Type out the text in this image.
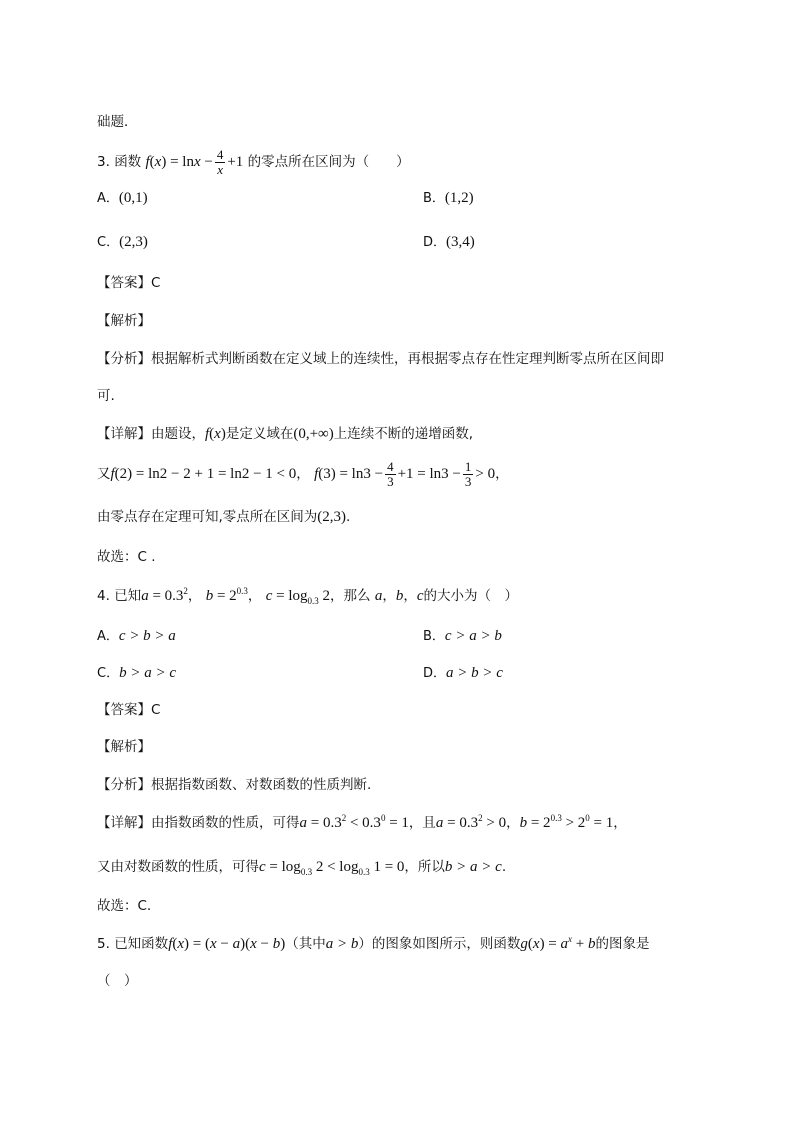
础题．
3. 函数 $f(x) = \ln x - \frac{4}{x} +1$ 的零点所在区间为（　　）
A．(0,1)	B．(1,2)
C．(2,3)	D．(3,4)
【答案】C
【解析】
【分析】根据解析式判断函数在定义域上的连续性，再根据零点存在性定理判断零点所在区间即
可.
【详解】由题设，f(x)是定义域在(0,+∞)上连续不断的递增函数,
又f(2) = ln2 − 2 + 1 = ln2 − 1 < 0， $f(3) = \ln 3 - \frac{4}{3} +1 = \ln 3 - \frac{1}{3} > 0$，
由零点存在定理可知,零点所在区间为(2,3).
故选：C .
4. 已知$a = 0.3^2$， $b = 2^{0.3}$， $c = \log_{0.3} 2$，那么 a，b，c的大小为（　）
A．c > b > a	B．c > a > b
C．b > a > c	D．a > b > c
【答案】C
【解析】
【分析】根据指数函数、对数函数的性质判断.
【详解】由指数函数的性质，可得$a = 0.3^2 < 0.3^0 = 1$，且$a = 0.3^2 > 0$，$b = 2^{0.3} > 2^0 = 1$，
又由对数函数的性质，可得$c = \log_{0.3} 2 < \log_{0.3} 1 = 0$，所以b > a > c.
故选：C.
5. 已知函数f(x) = (x − a)(x − b)（其中a > b）的图象如图所示，则函数$g(x) = a^x + b$的图象是
（　）
